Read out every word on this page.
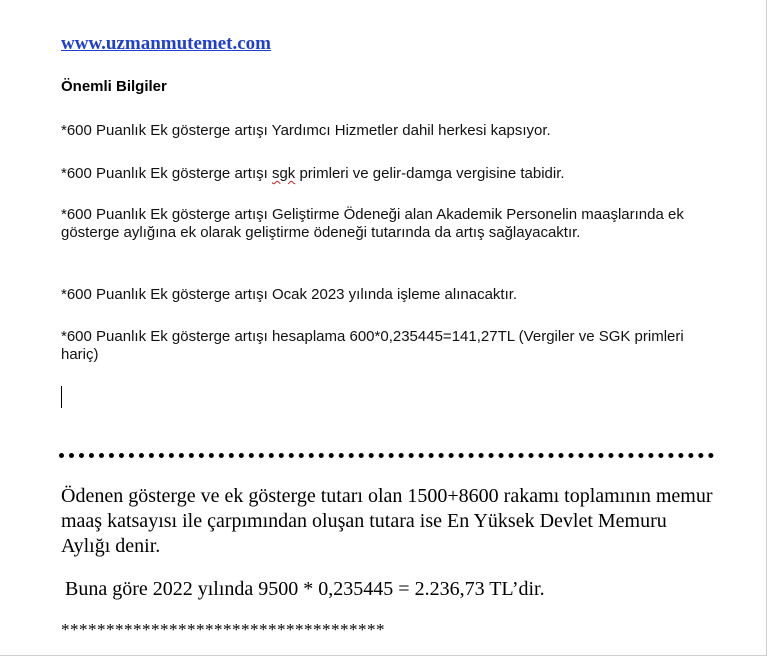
www.uzmanmutemet.com
Önemli Bilgiler
*600 Puanlık Ek gösterge artışı Yardımcı Hizmetler dahil herkesi kapsıyor.
*600 Puanlık Ek gösterge artışı sgk primleri ve gelir-damga vergisine tabidir.
*600 Puanlık Ek gösterge artışı Geliştirme Ödeneği alan Akademik Personelin maaşlarında ek gösterge aylığına ek olarak geliştirme ödeneği tutarında da artış sağlayacaktır.
*600 Puanlık Ek gösterge artışı Ocak 2023 yılında işleme alınacaktır.
*600 Puanlık Ek gösterge artışı hesaplama 600*0,235445=141,27TL (Vergiler ve SGK primleri hariç)
Ödenen gösterge ve ek gösterge tutarı olan 1500+8600 rakamı toplamının memur maaş katsayısı ile çarpımından oluşan tutara ise En Yüksek Devlet Memuru Aylığı denir.
Buna göre 2022 yılında 9500 * 0,235445 = 2.236,73 TL’dir.
************************************
